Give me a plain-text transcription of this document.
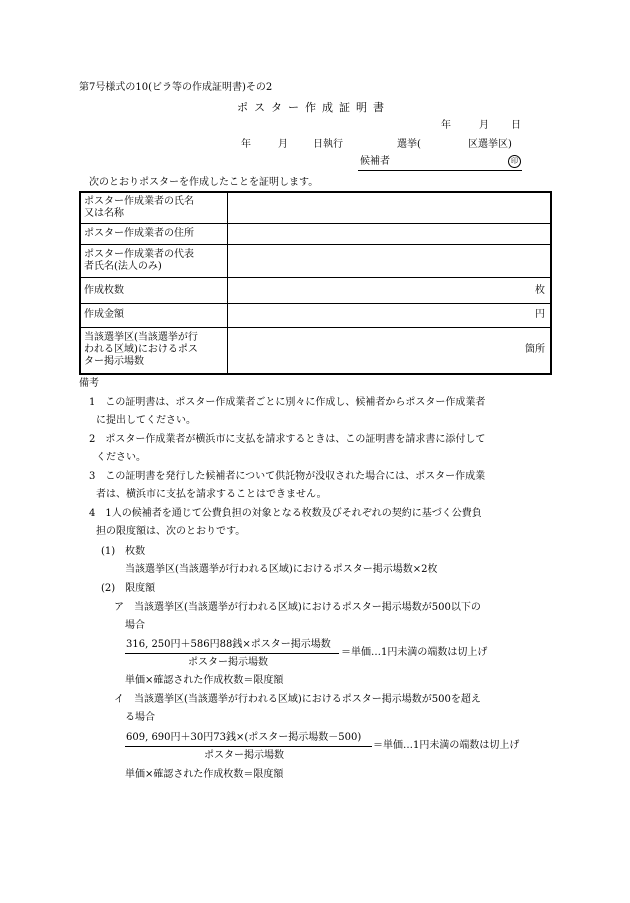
第7号様式の10(ビラ等の作成証明書)その2
ポスター作成証明書
年	月 日
年	月	日執行	選挙(	区選挙区)
候補者	印
次のとおりポスターを作成したことを証明します。
ポスター作成業者の氏名
又は名称	

ポスター作成業者の住所	

ポスター作成業者の代表
者氏名(法人のみ)	

作成枚数	枚

作成金額	円

当該選挙区(当該選挙が行
われる区域)におけるポス
ター掲示場数	箇所
備考
1　この証明書は、ポスター作成業者ごとに別々に作成し、候補者からポスター作成業者
に提出してください。
2　ポスター作成業者が横浜市に支払を請求するときは、この証明書を請求書に添付して
ください。
3　この証明書を発行した候補者について供託物が没収された場合には、ポスター作成業
者は、横浜市に支払を請求することはできません。
4　1人の候補者を通じて公費負担の対象となる枚数及びそれぞれの契約に基づく公費負
担の限度額は、次のとおりです。
(1)　枚数
当該選挙区(当該選挙が行われる区域)におけるポスター掲示場数×2枚
(2)　限度額
ア　当該選挙区(当該選挙が行われる区域)におけるポスター掲示場数が500以下の
場合
316, 250円＋586円88銭×ポスター掲示場数
＝単価…1円未満の端数は切上げ
ポスター掲示場数
単価×確認された作成枚数＝限度額
イ　当該選挙区(当該選挙が行われる区域)におけるポスター掲示場数が500を超え
る場合
609, 690円＋30円73銭×(ポスター掲示場数－500)
＝単価…1円未満の端数は切上げ
ポスター掲示場数
単価×確認された作成枚数＝限度額
